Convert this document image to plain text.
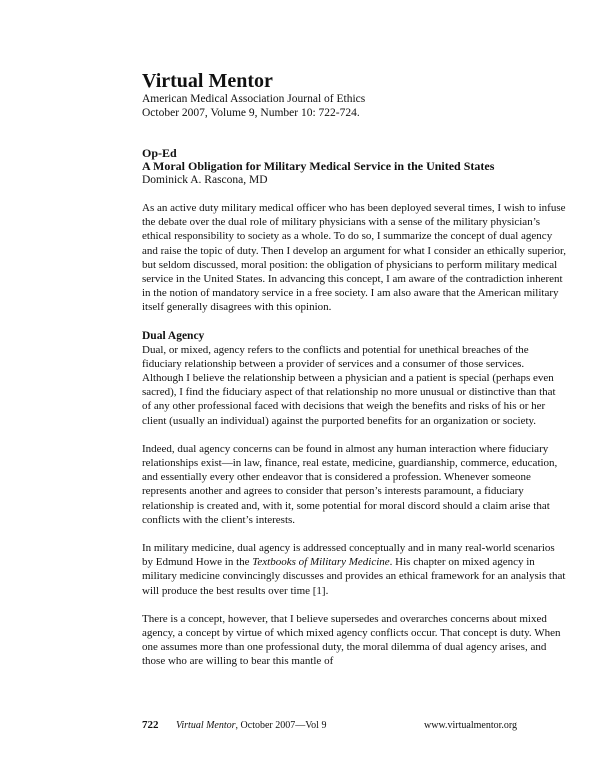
Virtual Mentor
American Medical Association Journal of Ethics
October 2007, Volume 9, Number 10: 722-724.
Op-Ed
A Moral Obligation for Military Medical Service in the United States
Dominick A. Rascona, MD

As an active duty military medical officer who has been deployed several times, I wish to infuse the debate over the dual role of military physicians with a sense of the military physician’s ethical responsibility to society as a whole. To do so, I summarize the concept of dual agency and raise the topic of duty. Then I develop an argument for what I consider an ethically superior, but seldom discussed, moral position: the obligation of physicians to perform military medical service in the United States. In advancing this concept, I am aware of the contradiction inherent in the notion of mandatory service in a free society. I am also aware that the American military itself generally disagrees with this opinion.

Dual Agency

Dual, or mixed, agency refers to the conflicts and potential for unethical breaches of the fiduciary relationship between a provider of services and a consumer of those services. Although I believe the relationship between a physician and a patient is special (perhaps even sacred), I find the fiduciary aspect of that relationship no more unusual or distinctive than that of any other professional faced with decisions that weigh the benefits and risks of his or her client (usually an individual) against the purported benefits for an organization or society.

Indeed, dual agency concerns can be found in almost any human interaction where fiduciary relationships exist—in law, finance, real estate, medicine, guardianship, commerce, education, and essentially every other endeavor that is considered a profession. Whenever someone represents another and agrees to consider that person’s interests paramount, a fiduciary relationship is created and, with it, some potential for moral discord should a claim arise that conflicts with the client’s interests.

In military medicine, dual agency is addressed conceptually and in many real-world scenarios by Edmund Howe in the Textbooks of Military Medicine. His chapter on mixed agency in military medicine convincingly discusses and provides an ethical framework for an analysis that will produce the best results over time [1].

There is a concept, however, that I believe supersedes and overarches concerns about mixed agency, a concept by virtue of which mixed agency conflicts occur. That concept is duty. When one assumes more than one professional duty, the moral dilemma of dual agency arises, and those who are willing to bear this mantle of

722 Virtual Mentor, October 2007—Vol 9	www.virtualmentor.org
